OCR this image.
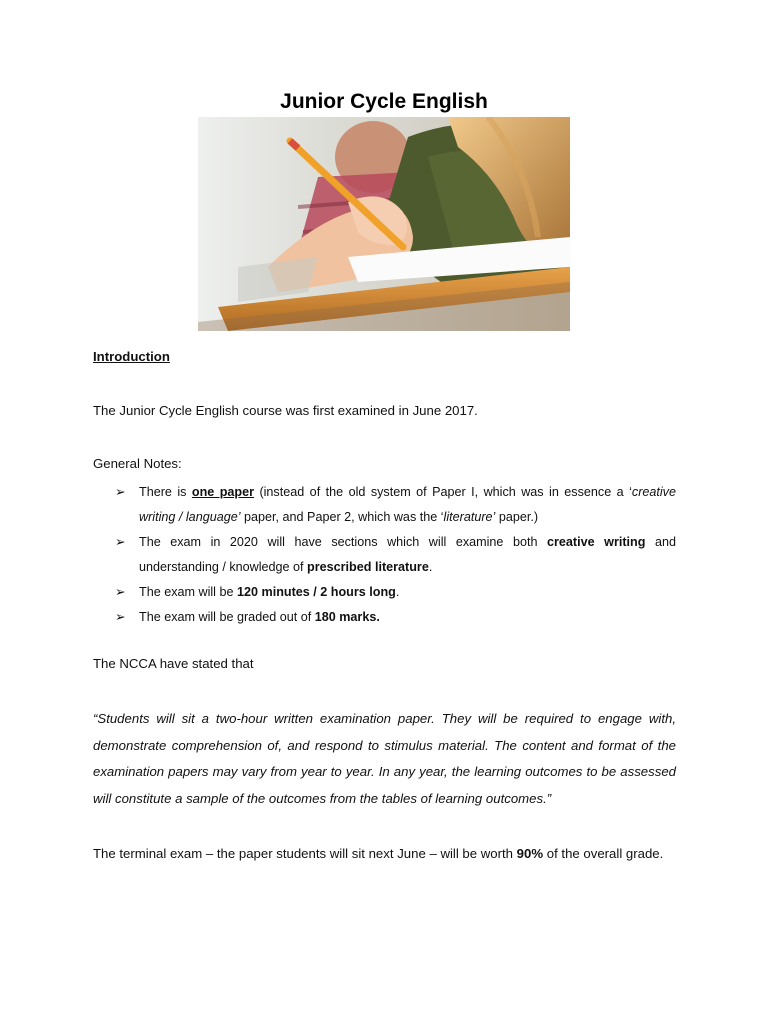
Junior Cycle English
Introduction
The Junior Cycle English course was first examined in June 2017.
General Notes:
➢ There is one paper (instead of the old system of Paper I, which was in essence a ‘creative writing / language’ paper, and Paper 2, which was the ‘literature’ paper.)
➢ The exam in 2020 will have sections which will examine both creative writing and understanding / knowledge of prescribed literature.
➢ The exam will be 120 minutes / 2 hours long.
➢ The exam will be graded out of 180 marks.
The NCCA have stated that
“Students will sit a two-hour written examination paper. They will be required to engage with, demonstrate comprehension of, and respond to stimulus material. The content and format of the examination papers may vary from year to year. In any year, the learning outcomes to be assessed will constitute a sample of the outcomes from the tables of learning outcomes.”
The terminal exam – the paper students will sit next June – will be worth 90% of the overall grade.
